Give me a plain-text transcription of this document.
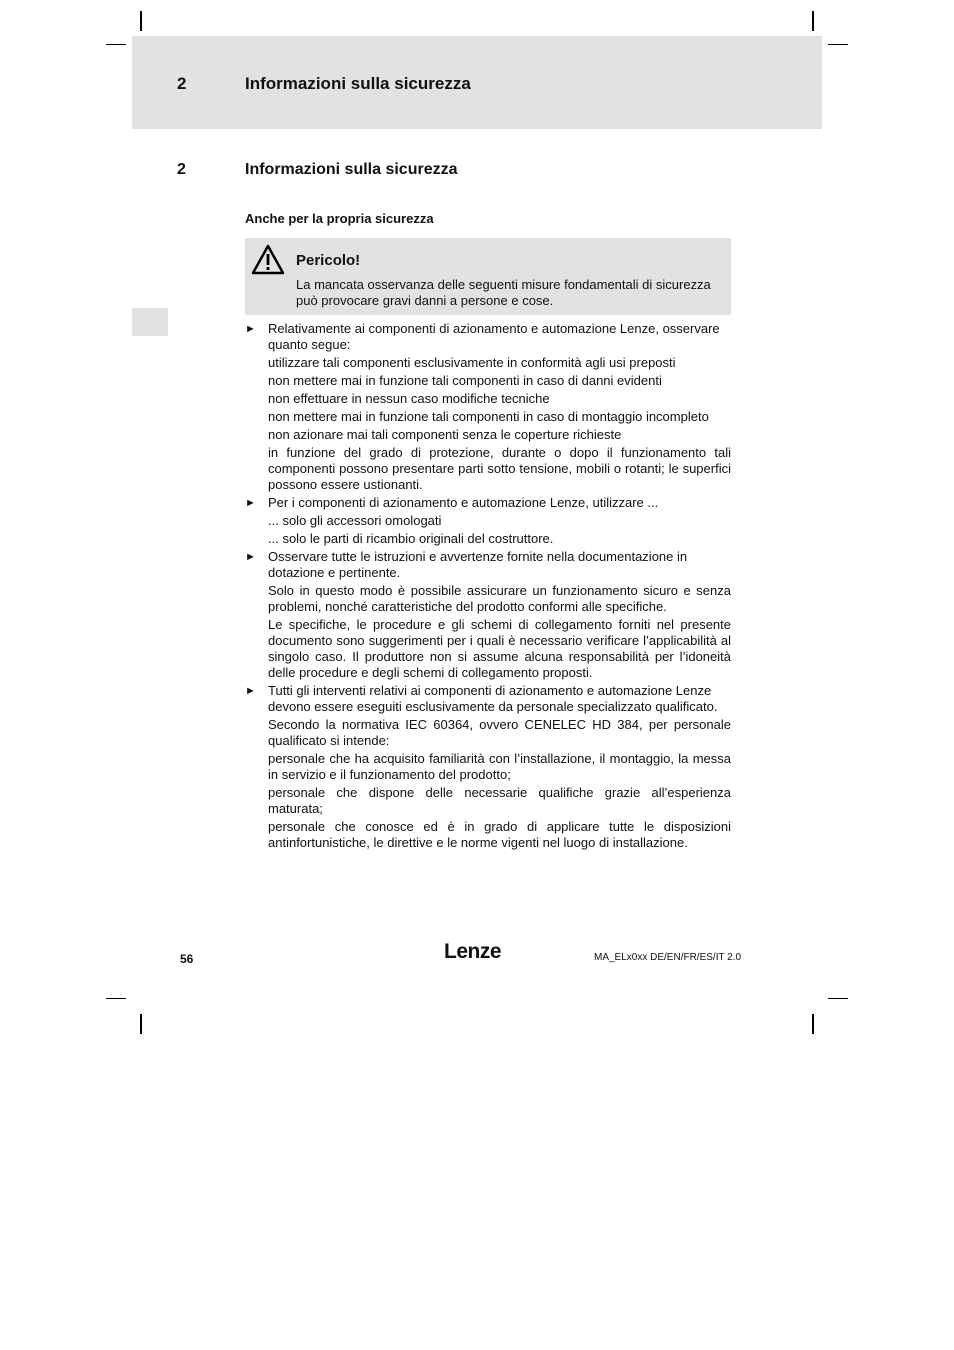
2	Informazioni sulla sicurezza
2	Informazioni sulla sicurezza
Anche per la propria sicurezza
Pericolo!
La mancata osservanza delle seguenti misure fondamentali di sicurezza può provocare gravi danni a persone e cose.
► Relativamente ai componenti di azionamento e automazione Lenze, osservare quanto segue:
utilizzare tali componenti esclusivamente in conformità agli usi preposti
non mettere mai in funzione tali componenti in caso di danni evidenti
non effettuare in nessun caso modifiche tecniche
non mettere mai in funzione tali componenti in caso di montaggio incompleto
non azionare mai tali componenti senza le coperture richieste
in funzione del grado di protezione, durante o dopo il funzionamento tali componenti possono presentare parti sotto tensione, mobili o rotanti; le superfici possono essere ustionanti.
► Per i componenti di azionamento e automazione Lenze, utilizzare ...
... solo gli accessori omologati
... solo le parti di ricambio originali del costruttore.
► Osservare tutte le istruzioni e avvertenze fornite nella documentazione in dotazione e pertinente.
Solo in questo modo è possibile assicurare un funzionamento sicuro e senza problemi, nonché caratteristiche del prodotto conformi alle specifiche.
Le specifiche, le procedure e gli schemi di collegamento forniti nel presente documento sono suggerimenti per i quali è necessario verificare l’applicabilità al singolo caso. Il produttore non si assume alcuna responsabilità per l’idoneità delle procedure e degli schemi di collegamento proposti.
► Tutti gli interventi relativi ai componenti di azionamento e automazione Lenze devono essere eseguiti esclusivamente da personale specializzato qualificato.
Secondo la normativa IEC 60364, ovvero CENELEC HD 384, per personale qualificato si intende:
personale che ha acquisito familiarità con l’installazione, il montaggio, la messa in servizio e il funzionamento del prodotto;
personale che dispone delle necessarie qualifiche grazie all’esperienza maturata;
personale che conosce ed è in grado di applicare tutte le disposizioni antinfortunistiche, le direttive e le norme vigenti nel luogo di installazione.
56	Lenze	MA_ELx0xx DE/EN/FR/ES/IT 2.0
